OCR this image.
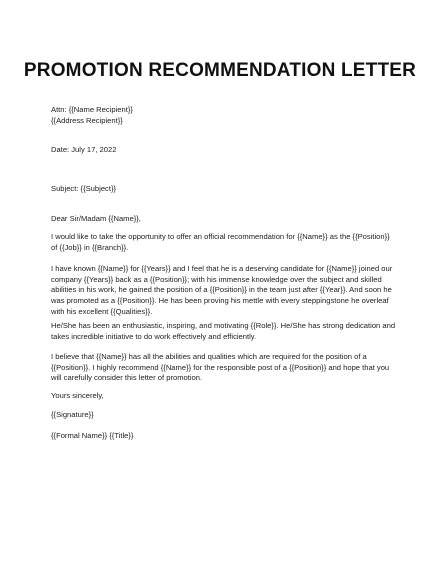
PROMOTION RECOMMENDATION LETTER
Attn: {{Name Recipient}}
{{Address Recipient}}
Date: July 17, 2022
Subject: {{Subject}}
Dear Sir/Madam {{Name}},
I would like to take the opportunity to offer an official recommendation for {{Name}} as the {{Position}}
of {{Job}} in {{Branch}}.
I have known {{Name}} for {{Years}} and I feel that he is a deserving candidate for {{Name}} joined our
company {{Years}} back as a {{Position}}; with his immense knowledge over the subject and skilled
abilities in his work, he gained the position of a {{Position}} in the team just after {{Year}}. And soon he
was promoted as a {{Position}}. He has been proving his mettle with every steppingstone he overleaf
with his excellent {{Qualities}}.
He/She has been an enthusiastic, inspiring, and motivating {{Role}}. He/She has strong dedication and
takes incredible initiative to do work effectively and efficiently.
I believe that {{Name}} has all the abilities and qualities which are required for the position of a
{{Position}}. I highly recommend {{Name}} for the responsible post of a {{Position}} and hope that you
will carefully consider this letter of promotion.
Yours sincerely,
{{Signature}}
{{Formal Name}} {{Title}}
